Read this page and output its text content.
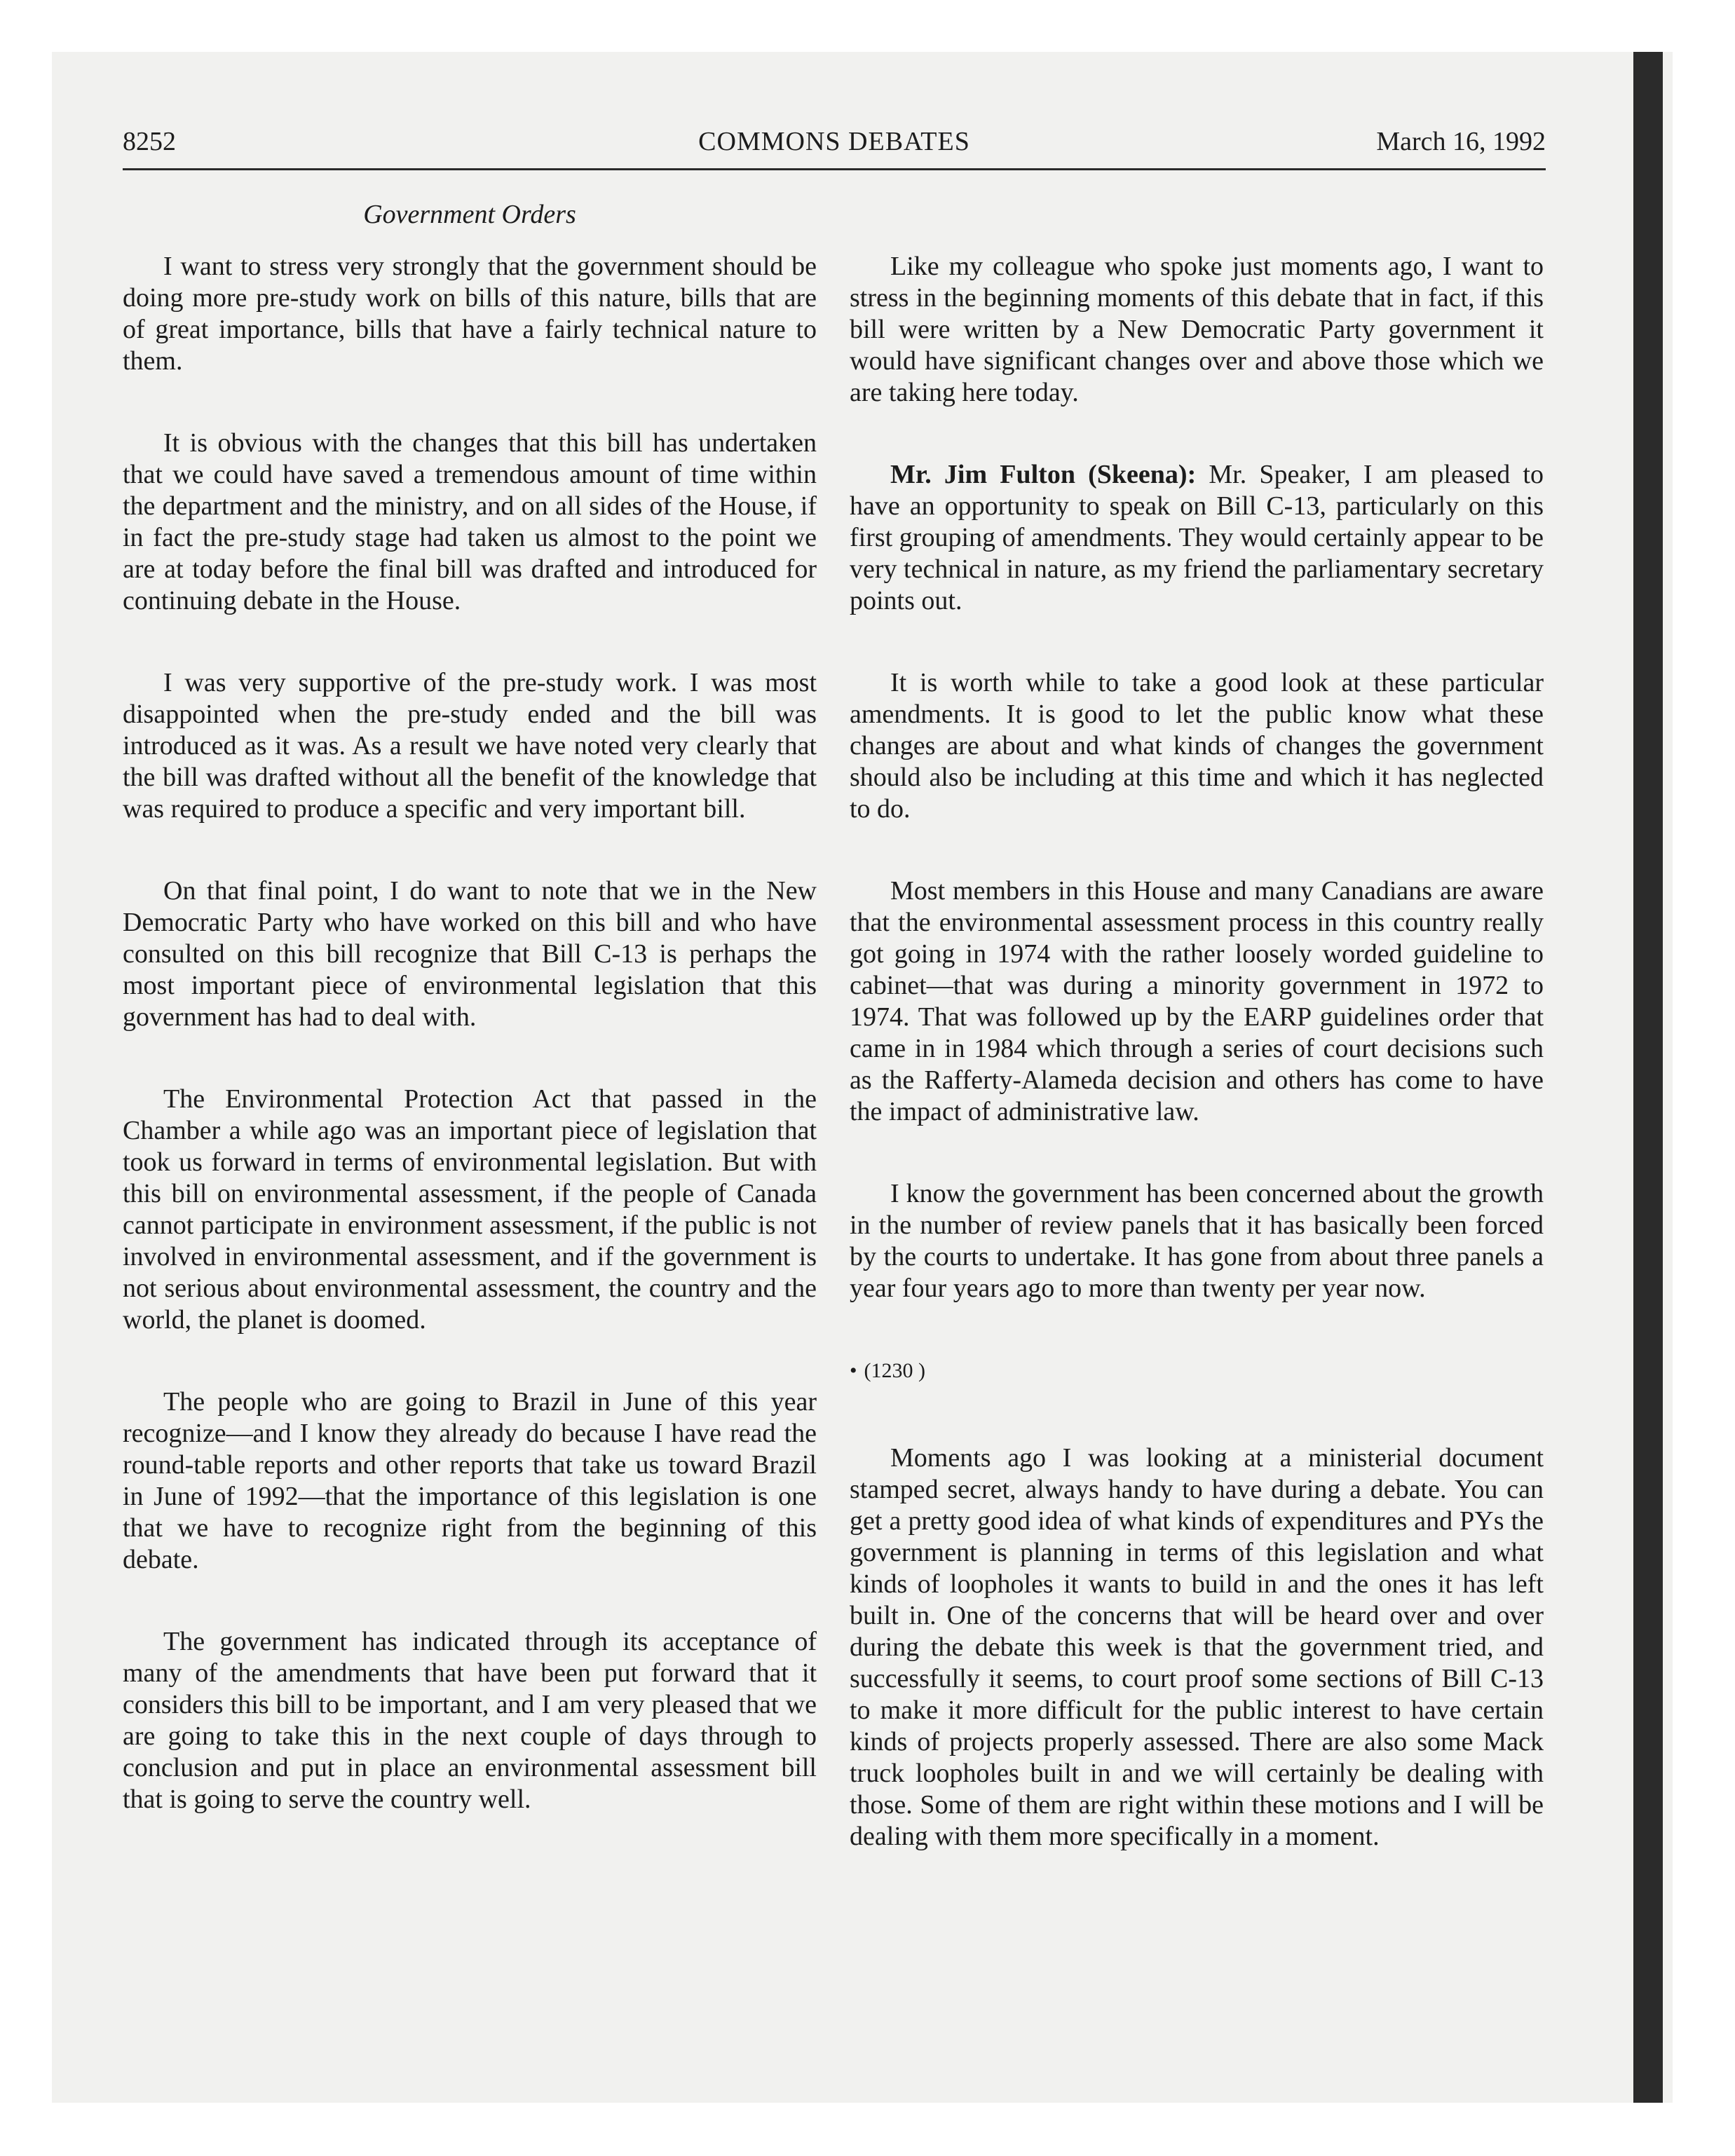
8252	COMMONS DEBATES	March 16, 1992
Government Orders

I want to stress very strongly that the government should be doing more pre-study work on bills of this nature, bills that are of great importance, bills that have a fairly technical nature to them.

It is obvious with the changes that this bill has undertaken that we could have saved a tremendous amount of time within the department and the ministry, and on all sides of the House, if in fact the pre-study stage had taken us almost to the point we are at today before the final bill was drafted and introduced for continuing debate in the House.

I was very supportive of the pre-study work. I was most disappointed when the pre-study ended and the bill was introduced as it was. As a result we have noted very clearly that the bill was drafted without all the benefit of the knowledge that was required to produce a specific and very important bill.

On that final point, I do want to note that we in the New Democratic Party who have worked on this bill and who have consulted on this bill recognize that Bill C-13 is perhaps the most important piece of environmental legislation that this government has had to deal with.

The Environmental Protection Act that passed in the Chamber a while ago was an important piece of legislation that took us forward in terms of environmental legislation. But with this bill on environmental assessment, if the people of Canada cannot participate in environment assessment, if the public is not involved in environmental assessment, and if the government is not serious about environmental assessment, the country and the world, the planet is doomed.

The people who are going to Brazil in June of this year recognize—and I know they already do because I have read the round-table reports and other reports that take us toward Brazil in June of 1992—that the importance of this legislation is one that we have to recognize right from the beginning of this debate.

The government has indicated through its acceptance of many of the amendments that have been put forward that it considers this bill to be important, and I am very pleased that we are going to take this in the next couple of days through to conclusion and put in place an environmental assessment bill that is going to serve the country well.

Like my colleague who spoke just moments ago, I want to stress in the beginning moments of this debate that in fact, if this bill were written by a New Democratic Party government it would have significant changes over and above those which we are taking here today.

Mr. Jim Fulton (Skeena): Mr. Speaker, I am pleased to have an opportunity to speak on Bill C-13, particularly on this first grouping of amendments. They would certainly appear to be very technical in nature, as my friend the parliamentary secretary points out.

It is worth while to take a good look at these particular amendments. It is good to let the public know what these changes are about and what kinds of changes the government should also be including at this time and which it has neglected to do.

Most members in this House and many Canadians are aware that the environmental assessment process in this country really got going in 1974 with the rather loosely worded guideline to cabinet—that was during a minority government in 1972 to 1974. That was followed up by the EARP guidelines order that came in in 1984 which through a series of court decisions such as the Rafferty-Alameda decision and others has come to have the impact of administrative law.

I know the government has been concerned about the growth in the number of review panels that it has basically been forced by the courts to undertake. It has gone from about three panels a year four years ago to more than twenty per year now.

• (1230 )

Moments ago I was looking at a ministerial document stamped secret, always handy to have during a debate. You can get a pretty good idea of what kinds of expenditures and PYs the government is planning in terms of this legislation and what kinds of loopholes it wants to build in and the ones it has left built in. One of the concerns that will be heard over and over during the debate this week is that the government tried, and successfully it seems, to court proof some sections of Bill C-13 to make it more difficult for the public interest to have certain kinds of projects properly assessed. There are also some Mack truck loopholes built in and we will certainly be dealing with those. Some of them are right within these motions and I will be dealing with them more specifically in a moment.
